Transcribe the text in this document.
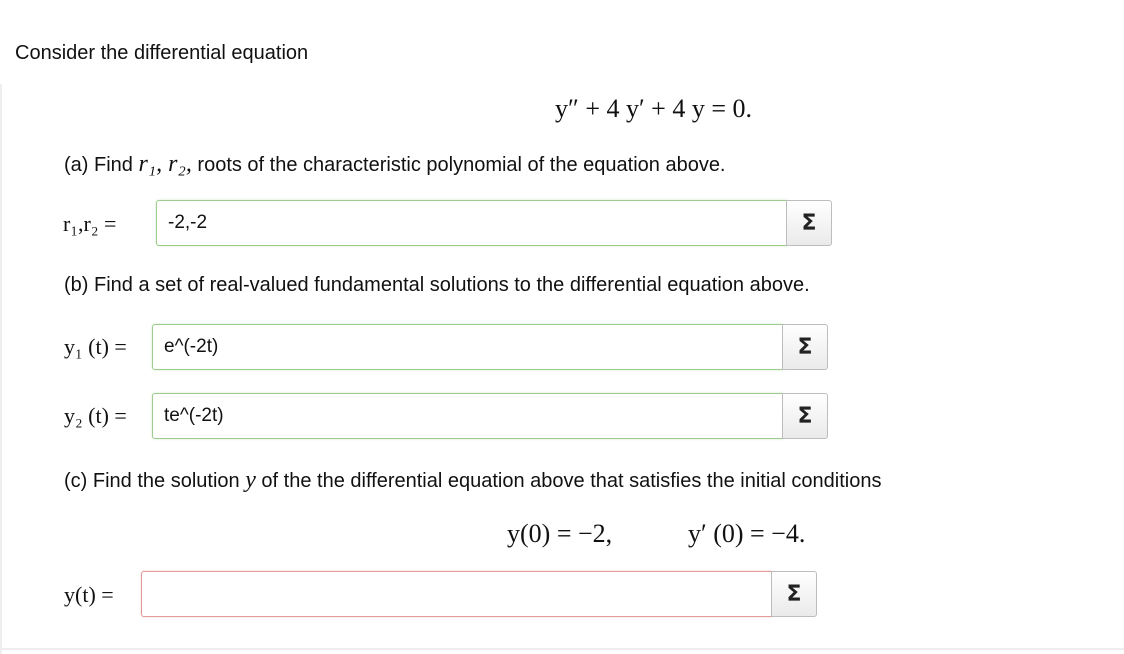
Consider the differential equation
y″ + 4 y′ + 4 y = 0.
(a) Find r₁, r₂, roots of the characteristic polynomial of the equation above.
r₁,r₂ =	-2,-2	Σ
(b) Find a set of real-valued fundamental solutions to the differential equation above.
y₁ (t) = e^(-2t)	Σ
y₂ (t) = te^(-2t)	Σ
(c) Find the solution y of the the differential equation above that satisfies the initial conditions
y(0) = −2,	y′ (0) = −4.
y(t) =	Σ
